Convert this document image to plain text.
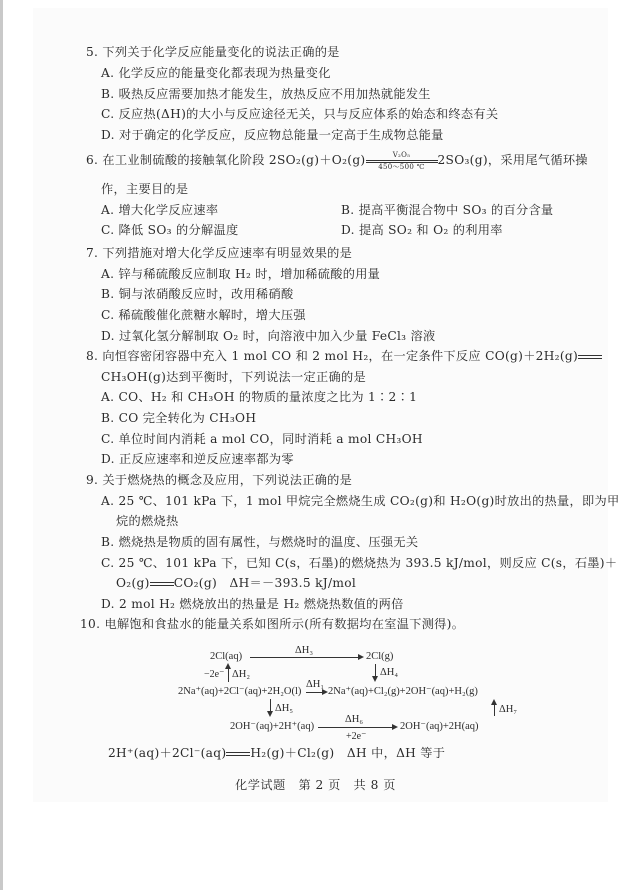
5. 下列关于化学反应能量变化的说法正确的是
A. 化学反应的能量变化都表现为热量变化
B. 吸热反应需要加热才能发生，放热反应不用加热就能发生
C. 反应热(ΔH)的大小与反应途径无关，只与反应体系的始态和终态有关
D. 对于确定的化学反应，反应物总能量一定高于生成物总能量
6. 在工业制硫酸的接触氧化阶段 $2SO_2(g)+O_2(g) \frac{\text{V₂O₅}}{450\sim 500 ℃} 2SO_3(g)$，采用尾气循环操
作，主要目的是
A. 增大化学反应速率	B. 提高平衡混合物中 SO₃ 的百分含量
C. 降低 SO₃ 的分解温度	D. 提高 SO₂ 和 O₂ 的利用率
7. 下列措施对增大化学反应速率有明显效果的是
A. 锌与稀硫酸反应制取 H₂ 时，增加稀硫酸的用量
B. 铜与浓硝酸反应时，改用稀硝酸
C. 稀硫酸催化蔗糖水解时，增大压强
D. 过氧化氢分解制取 O₂ 时，向溶液中加入少量 FeCl₃ 溶液
8. 向恒容密闭容器中充入 1 mol CO 和 2 mol H₂，在一定条件下反应 CO(g)＋2H₂(g)
CH₃OH(g)达到平衡时，下列说法一定正确的是
A. CO、H₂ 和 CH₃OH 的物质的量浓度之比为 1∶2∶1
B. CO 完全转化为 CH₃OH
C. 单位时间内消耗 a mol CO，同时消耗 a mol CH₃OH
D. 正反应速率和逆反应速率都为零
9. 关于燃烧热的概念及应用，下列说法正确的是
A. 25 ℃、101 kPa 下，1 mol 甲烷完全燃烧生成 CO₂(g)和 H₂O(g)时放出的热量，即为甲
烷的燃烧热
B. 燃烧热是物质的固有属性，与燃烧时的温度、压强无关
C. 25 ℃、101 kPa 下，已知 C(s，石墨)的燃烧热为 393.5 kJ/mol，则反应 C(s，石墨)＋
O₂(g) CO₂(g)　ΔH＝－393.5 kJ/mol
D. 2 mol H₂ 燃烧放出的热量是 H₂ 燃烧热数值的两倍
10. 电解饱和食盐水的能量关系如图所示(所有数据均在室温下测得)。
2Cl(aq)
ΔH₃
2Cl(g)
−2e⁻ ΔH₂	ΔH₄
2Na⁺(aq)+2Cl⁻(aq)+2H₂O(l)
ΔH₁
2Na⁺(aq)+Cl₂(g)+2OH⁻(aq)+H₂(g)
ΔH₅	ΔH₇
2OH⁻(aq)+2H⁺(aq)
ΔH₆
+2e⁻
2OH⁻(aq)+2H(aq)
2H⁺(aq)＋2Cl⁻(aq) H₂(g)＋Cl₂(g)　ΔH 中，ΔH 等于
化学试题　第 2 页　共 8 页
